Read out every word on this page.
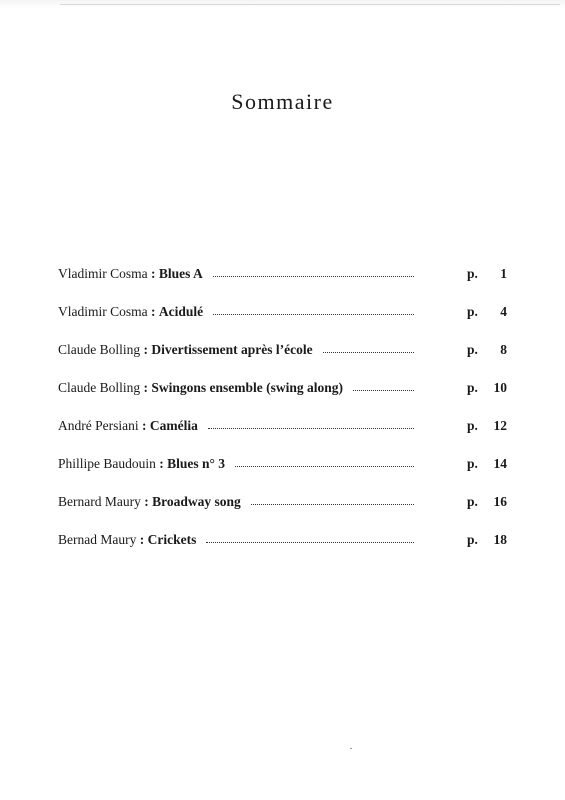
Sommaire
Vladimir Cosma : Blues A	p. 1
Vladimir Cosma : Acidulé	p. 4
Claude Bolling : Divertissement après l’école	p. 8
Claude Bolling : Swingons ensemble (swing along)	p. 10
André Persiani : Camélia	p. 12
Phillipe Baudouin : Blues n° 3	p. 14
Bernard Maury : Broadway song	p. 16
Bernad Maury : Crickets	p. 18
